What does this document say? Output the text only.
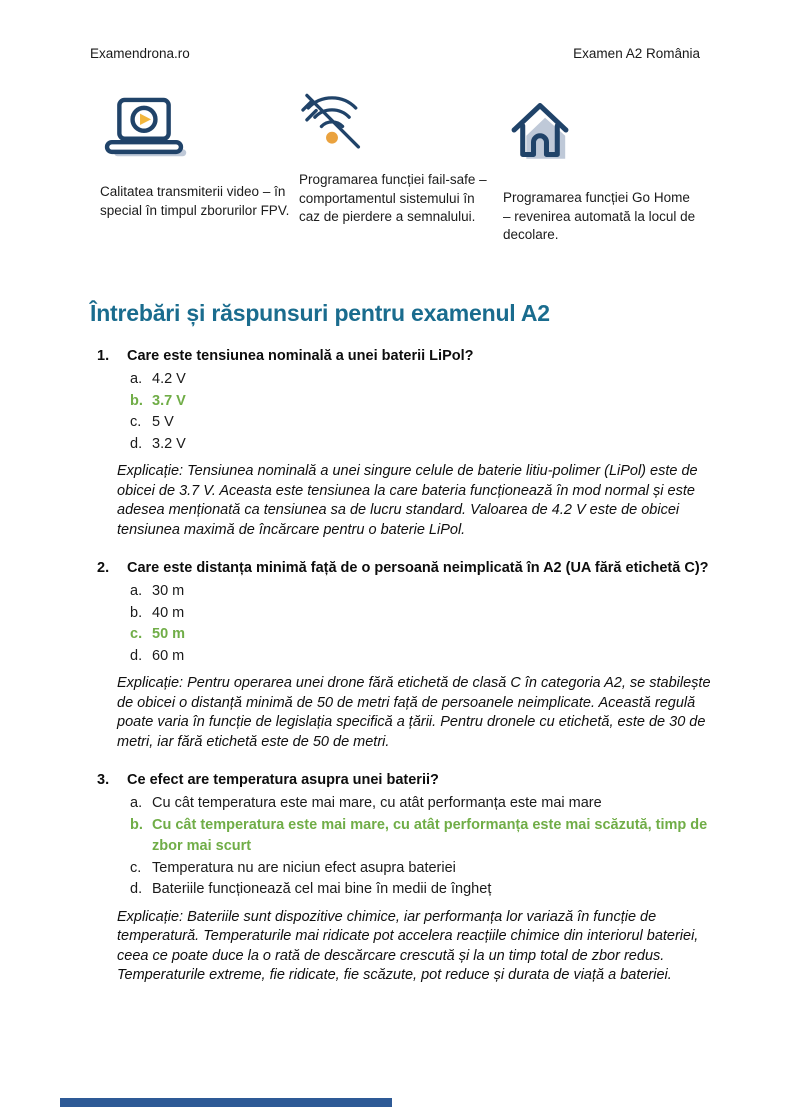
Examendrona.ro	Examen A2 România

Calitatea transmiterii video – în special în timpul zborurilor FPV.

Programarea funcției fail-safe – comportamentul sistemului în caz de pierdere a semnalului.

Programarea funcției Go Home – revenirea automată la locul de decolare.

Întrebări și răspunsuri pentru examenul A2
1.	Care este tensiunea nominală a unei baterii LiPol?
a. 4.2 V
b. 3.7 V
c. 5 V
d. 3.2 V

Explicație: Tensiunea nominală a unei singure celule de baterie litiu-polimer (LiPol) este de obicei de 3.7 V. Aceasta este tensiunea la care bateria funcționează în mod normal și este adesea menționată ca tensiunea sa de lucru standard. Valoarea de 4.2 V este de obicei tensiunea maximă de încărcare pentru o baterie LiPol.

2.	Care este distanța minimă față de o persoană neimplicată în A2 (UA fără etichetă C)?
a. 30 m
b. 40 m
c. 50 m
d. 60 m

Explicație: Pentru operarea unei drone fără etichetă de clasă C în categoria A2, se stabilește de obicei o distanță minimă de 50 de metri față de persoanele neimplicate. Această regulă poate varia în funcție de legislația specifică a țării. Pentru dronele cu etichetă, este de 30 de metri, iar fără etichetă este de 50 de metri.

3.	Ce efect are temperatura asupra unei baterii?
a. Cu cât temperatura este mai mare, cu atât performanța este mai mare
b. Cu cât temperatura este mai mare, cu atât performanța este mai scăzută, timp de zbor mai scurt
c. Temperatura nu are niciun efect asupra bateriei
d. Bateriile funcționează cel mai bine în medii de îngheț

Explicație: Bateriile sunt dispozitive chimice, iar performanța lor variază în funcție de temperatură. Temperaturile mai ridicate pot accelera reacțiile chimice din interiorul bateriei, ceea ce poate duce la o rată de descărcare crescută și la un timp total de zbor redus. Temperaturile extreme, fie ridicate, fie scăzute, pot reduce și durata de viață a bateriei.
